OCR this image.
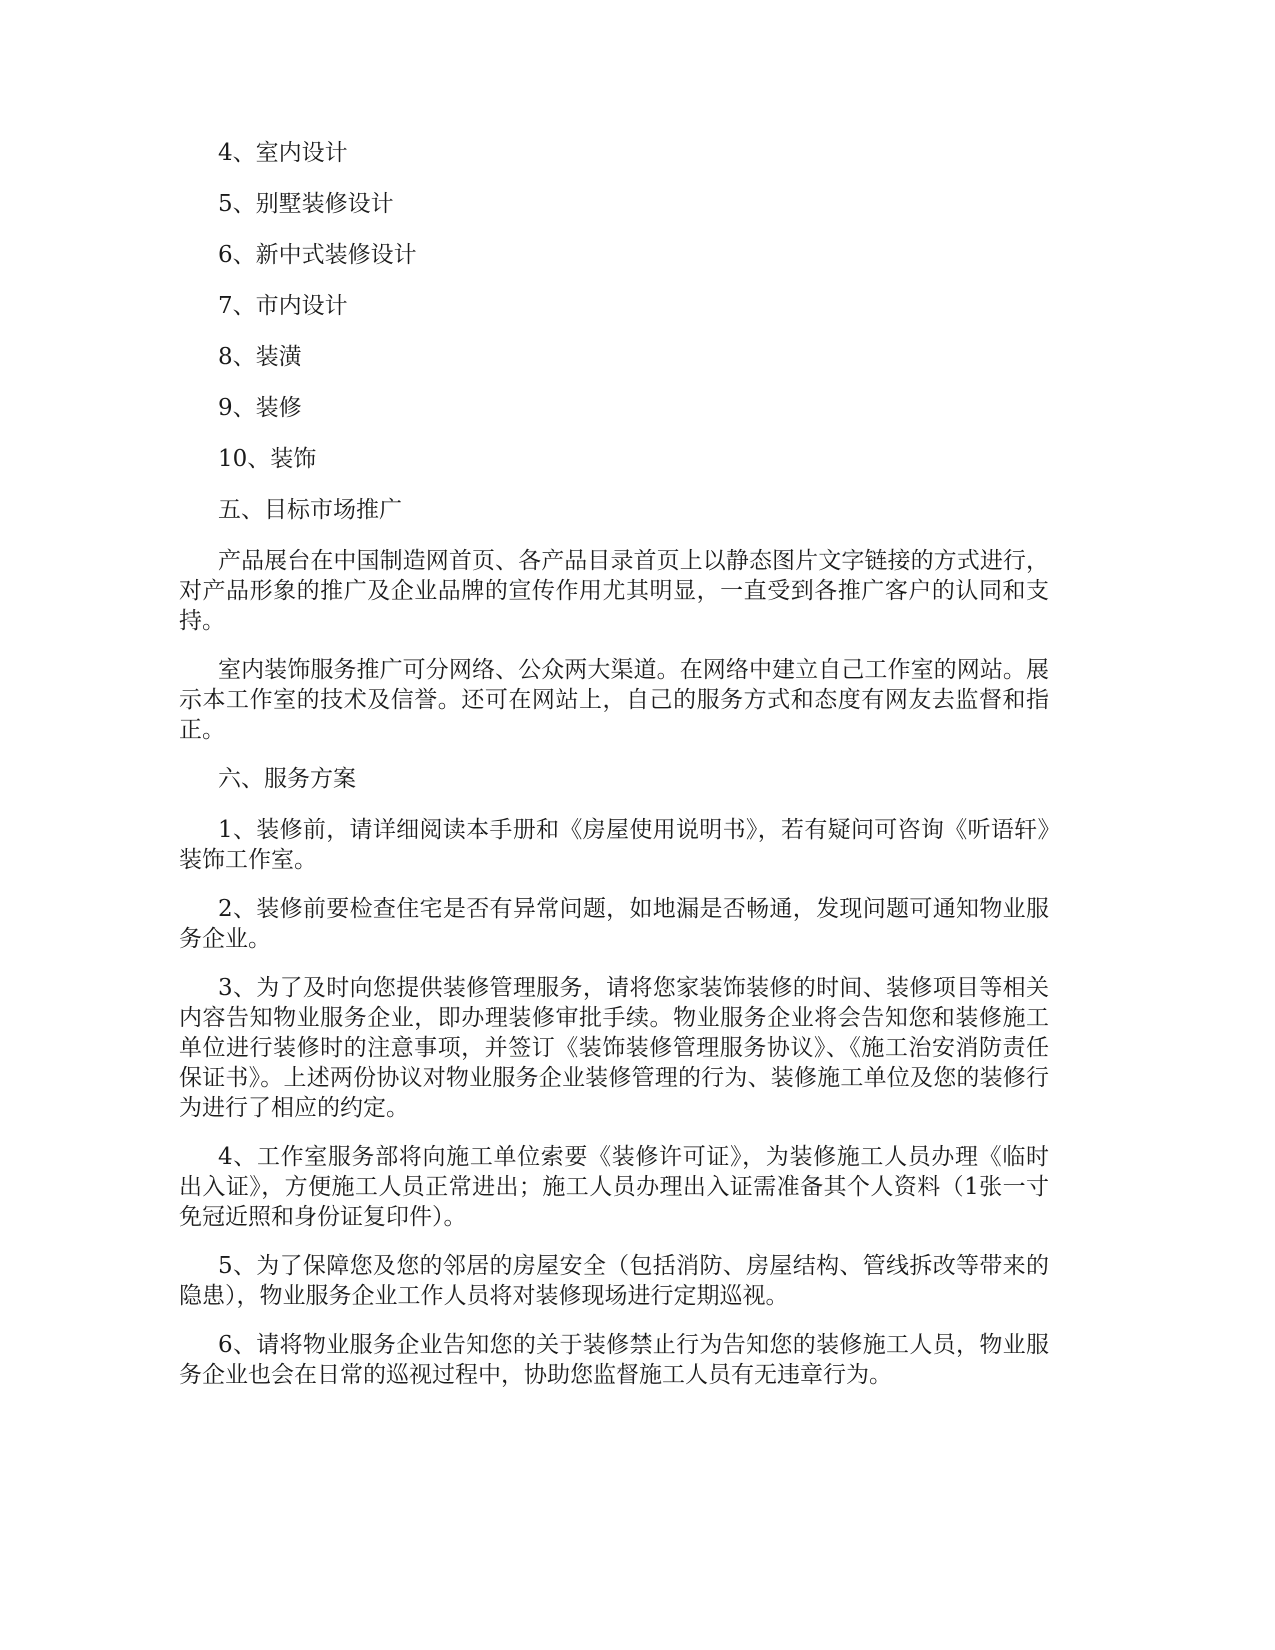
4、室内设计

5、别墅装修设计

6、新中式装修设计

7、市内设计

8、装潢

9、装修

10、装饰

五、目标市场推广

产品展台在中国制造网首页、各产品目录首页上以静态图片文字链接的方式进行，对产品形象的推广及企业品牌的宣传作用尤其明显，一直受到各推广客户的认同和支持。

室内装饰服务推广可分网络、公众两大渠道。在网络中建立自己工作室的网站。展示本工作室的技术及信誉。还可在网站上，自己的服务方式和态度有网友去监督和指正。

六、服务方案

1、装修前，请详细阅读本手册和《房屋使用说明书》，若有疑问可咨询《听语轩》装饰工作室。

2、装修前要检查住宅是否有异常问题，如地漏是否畅通，发现问题可通知物业服务企业。

3、为了及时向您提供装修管理服务，请将您家装饰装修的时间、装修项目等相关内容告知物业服务企业，即办理装修审批手续。物业服务企业将会告知您和装修施工单位进行装修时的注意事项，并签订《装饰装修管理服务协议》、《施工治安消防责任保证书》。上述两份协议对物业服务企业装修管理的行为、装修施工单位及您的装修行为进行了相应的约定。

4、工作室服务部将向施工单位索要《装修许可证》，为装修施工人员办理《临时出入证》，方便施工人员正常进出；施工人员办理出入证需准备其个人资料（1张一寸免冠近照和身份证复印件）。

5、为了保障您及您的邻居的房屋安全（包括消防、房屋结构、管线拆改等带来的隐患），物业服务企业工作人员将对装修现场进行定期巡视。

6、请将物业服务企业告知您的关于装修禁止行为告知您的装修施工人员，物业服务企业也会在日常的巡视过程中，协助您监督施工人员有无违章行为。
